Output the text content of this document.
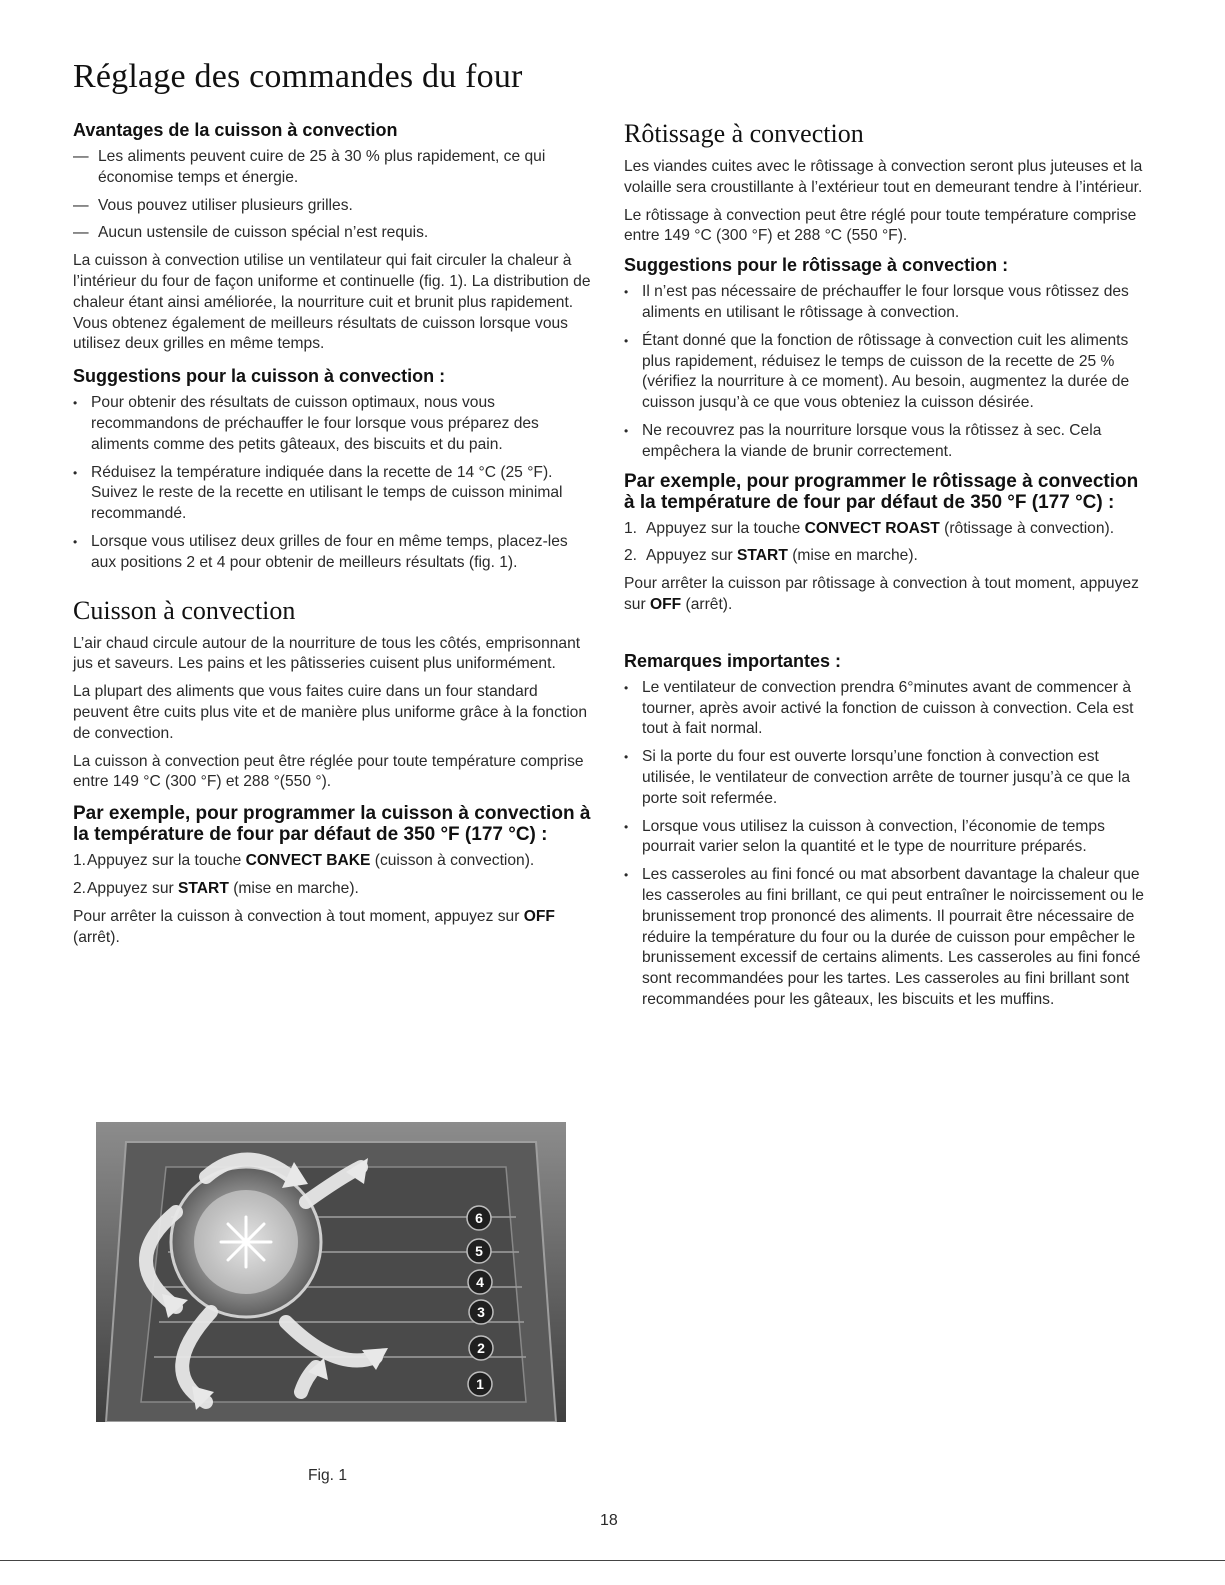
Réglage des commandes du four
Avantages de la cuisson à convection
— Les aliments peuvent cuire de 25 à 30 % plus rapidement, ce qui économise temps et énergie.
— Vous pouvez utiliser plusieurs grilles.
— Aucun ustensile de cuisson spécial n’est requis.

La cuisson à convection utilise un ventilateur qui fait circuler la chaleur à l’intérieur du four de façon uniforme et continuelle (fig. 1). La distribution de chaleur étant ainsi améliorée, la nourriture cuit et brunit plus rapidement. Vous obtenez également de meilleurs résultats de cuisson lorsque vous utilisez deux grilles en même temps.

Suggestions pour la cuisson à convection :
• Pour obtenir des résultats de cuisson optimaux, nous vous recommandons de préchauffer le four lorsque vous préparez des aliments comme des petits gâteaux, des biscuits et du pain.
• Réduisez la température indiquée dans la recette de 14 °C (25 °F). Suivez le reste de la recette en utilisant le temps de cuisson minimal recommandé.
• Lorsque vous utilisez deux grilles de four en même temps, placez-les aux positions 2 et 4 pour obtenir de meilleurs résultats (fig. 1).
Cuisson à convection

L’air chaud circule autour de la nourriture de tous les côtés, emprisonnant jus et saveurs. Les pains et les pâtisseries cuisent plus uniformément.

La plupart des aliments que vous faites cuire dans un four standard peuvent être cuits plus vite et de manière plus uniforme grâce à la fonction de convection.

La cuisson à convection peut être réglée pour toute température comprise entre 149 °C (300 °F) et 288 °(550 °).

Par exemple, pour programmer la cuisson à convection à la température de four par défaut de 350 °F (177 °C) :
1. Appuyez sur la touche CONVECT BAKE (cuisson à convection).
2. Appuyez sur START (mise en marche).

Pour arrêter la cuisson à convection à tout moment, appuyez sur OFF (arrêt).

6
5
4
3
2
1
Fig. 1
Rôtissage à convection

Les viandes cuites avec le rôtissage à convection seront plus juteuses et la volaille sera croustillante à l’extérieur tout en demeurant tendre à l’intérieur.

Le rôtissage à convection peut être réglé pour toute température comprise entre 149 °C (300 °F) et 288 °C (550 °F).

Suggestions pour le rôtissage à convection :
• Il n’est pas nécessaire de préchauffer le four lorsque vous rôtissez des aliments en utilisant le rôtissage à convection.
• Étant donné que la fonction de rôtissage à convection cuit les aliments plus rapidement, réduisez le temps de cuisson de la recette de 25 % (vérifiez la nourriture à ce moment). Au besoin, augmentez la durée de cuisson jusqu’à ce que vous obteniez la cuisson désirée.
• Ne recouvrez pas la nourriture lorsque vous la rôtissez à sec. Cela empêchera la viande de brunir correctement.
Par exemple, pour programmer le rôtissage à convection à la température de four par défaut de 350 °F (177 °C) :
1. Appuyez sur la touche CONVECT ROAST (rôtissage à convection).
2. Appuyez sur START (mise en marche).

Pour arrêter la cuisson par rôtissage à convection à tout moment, appuyez sur OFF (arrêt).

Remarques importantes :
• Le ventilateur de convection prendra 6°minutes avant de commencer à tourner, après avoir activé la fonction de cuisson à convection. Cela est tout à fait normal.
• Si la porte du four est ouverte lorsqu’une fonction à convection est utilisée, le ventilateur de convection arrête de tourner jusqu’à ce que la porte soit refermée.
• Lorsque vous utilisez la cuisson à convection, l’économie de temps pourrait varier selon la quantité et le type de nourriture préparés.
• Les casseroles au fini foncé ou mat absorbent davantage la chaleur que les casseroles au fini brillant, ce qui peut entraîner le noircissement ou le brunissement trop prononcé des aliments. Il pourrait être nécessaire de réduire la température du four ou la durée de cuisson pour empêcher le brunissement excessif de certains aliments. Les casseroles au fini foncé sont recommandées pour les tartes. Les casseroles au fini brillant sont recommandées pour les gâteaux, les biscuits et les muffins.
18
